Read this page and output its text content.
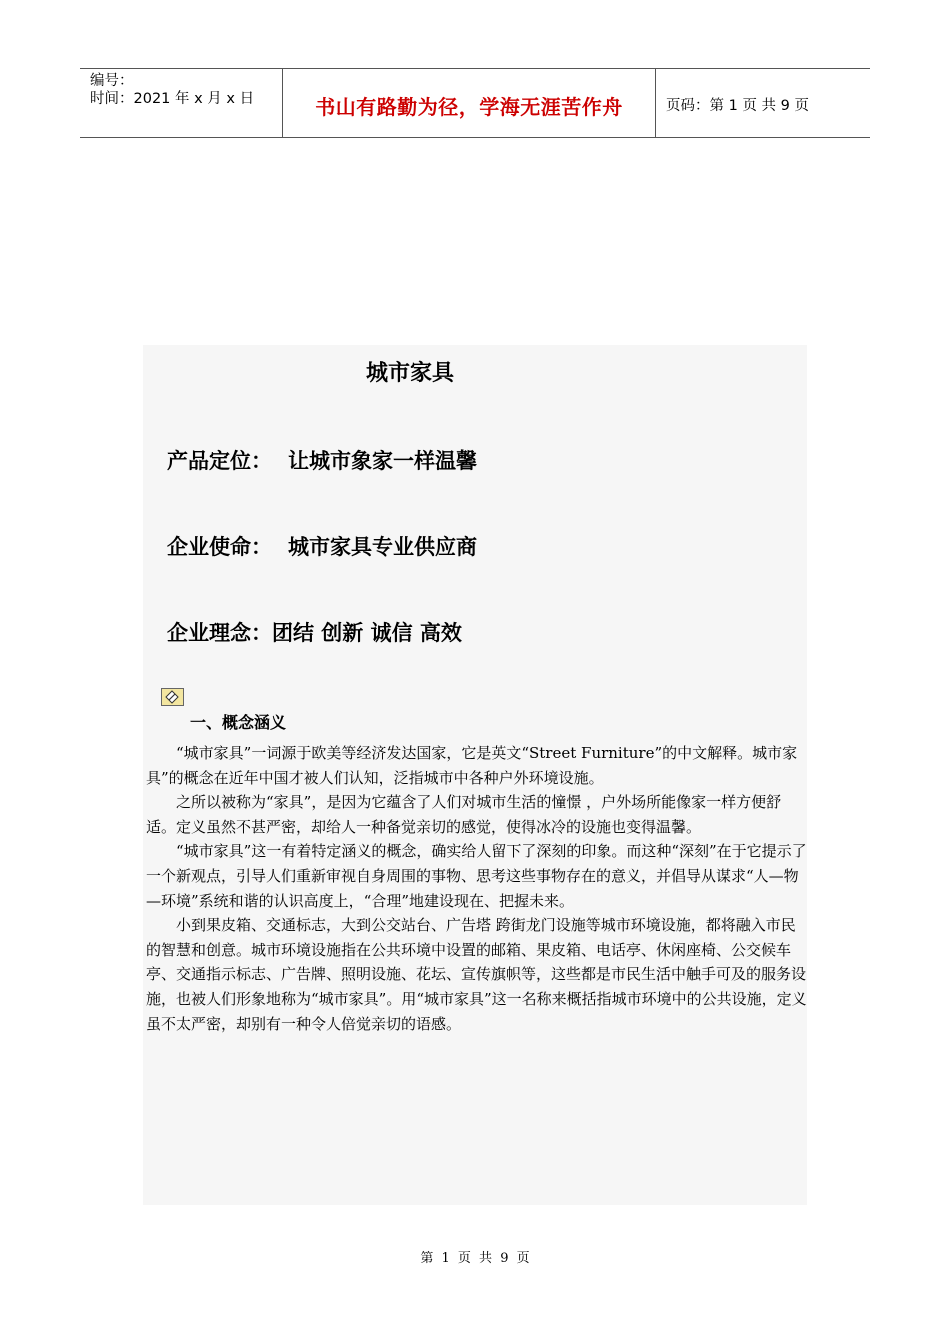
编号：
时间：2021 年 x 月 x 日	书山有路勤为径，学海无涯苦作舟	页码：第 1 页 共 9 页
城市家具
产品定位： 让城市象家一样温馨
企业使命： 城市家具专业供应商
企业理念：团结 创新 诚信 高效
一、概念涵义

“城市家具”一词源于欧美等经济发达国家，它是英文“Street Furniture”的中文解释。城市家具”的概念在近年中国才被人们认知，泛指城市中各种户外环境设施。

之所以被称为“家具”，是因为它蕴含了人们对城市生活的憧憬 ，户外场所能像家一样方便舒适。定义虽然不甚严密，却给人一种备觉亲切的感觉，使得冰冷的设施也变得温馨。

“城市家具”这一有着特定涵义的概念，确实给人留下了深刻的印象。而这种“深刻”在于它提示了一个新观点，引导人们重新审视自身周围的事物、思考这些事物存在的意义，并倡导从谋求“人—物—环境”系统和谐的认识高度上，“合理”地建设现在、把握未来。

小到果皮箱、交通标志，大到公交站台、广告塔 跨街龙门设施等城市环境设施，都将融入市民的智慧和创意。城市环境设施指在公共环境中设置的邮箱、果皮箱、电话亭、休闲座椅、公交候车亭、交通指示标志、广告牌、照明设施、花坛、宣传旗帜等，这些都是市民生活中触手可及的服务设施，也被人们形象地称为“城市家具”。用“城市家具”这一名称来概括指城市环境中的公共设施，定义虽不太严密，却别有一种令人倍觉亲切的语感。

第 1 页 共 9 页
